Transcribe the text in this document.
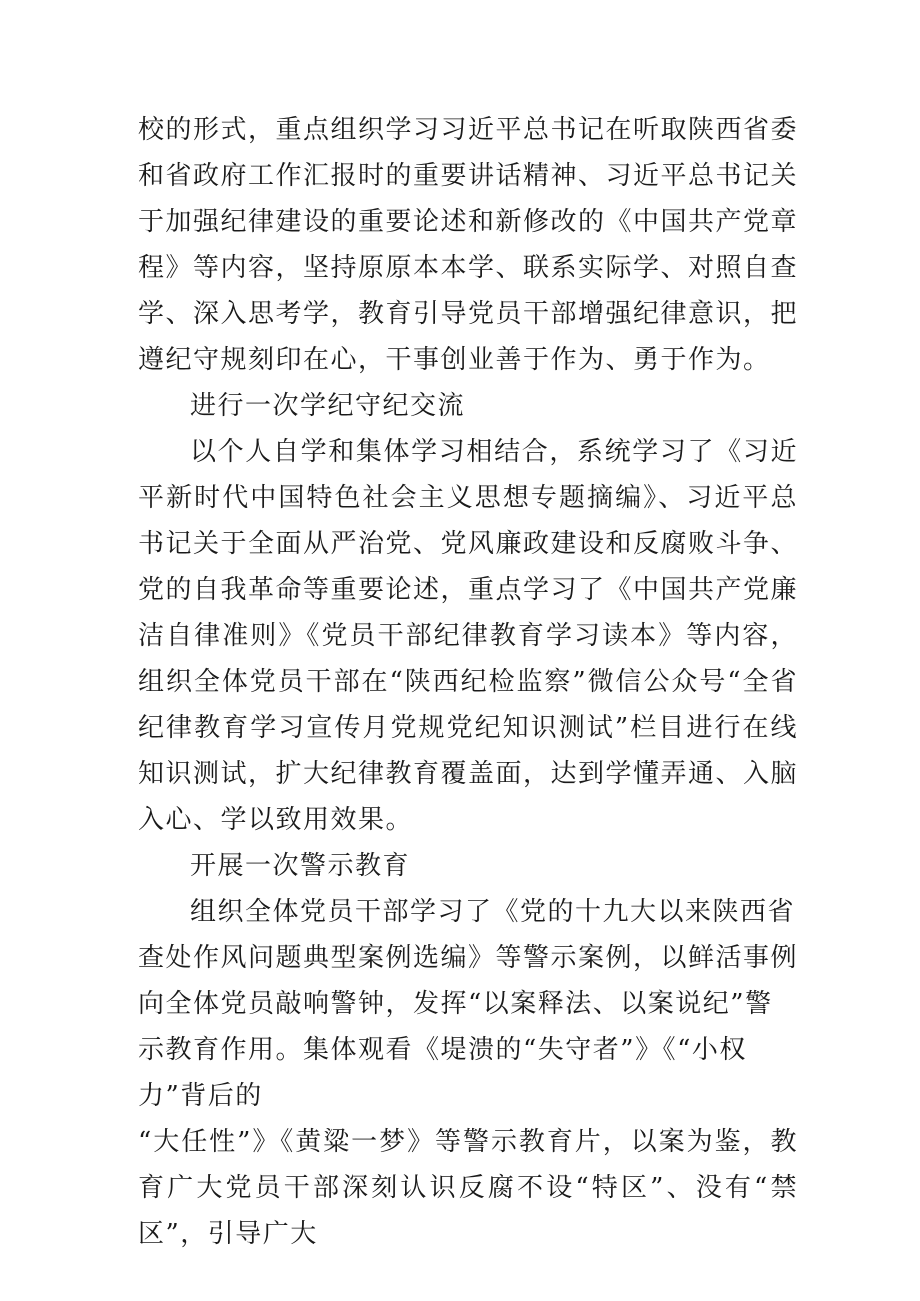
校的形式，重点组织学习习近平总书记在听取陕西省委和省政府工作汇报时的重要讲话精神、习近平总书记关于加强纪律建设的重要论述和新修改的《中国共产党章程》等内容，坚持原原本本学、联系实际学、对照自查学、深入思考学，教育引导党员干部增强纪律意识，把遵纪守规刻印在心，干事创业善于作为、勇于作为。

进行一次学纪守纪交流

以个人自学和集体学习相结合，系统学习了《习近平新时代中国特色社会主义思想专题摘编》、习近平总书记关于全面从严治党、党风廉政建设和反腐败斗争、党的自我革命等重要论述，重点学习了《中国共产党廉洁自律准则》《党员干部纪律教育学习读本》等内容，组织全体党员干部在“陕西纪检监察”微信公众号“全省纪律教育学习宣传月党规党纪知识测试”栏目进行在线知识测试，扩大纪律教育覆盖面，达到学懂弄通、入脑入心、学以致用效果。

开展一次警示教育

组织全体党员干部学习了《党的十九大以来陕西省查处作风问题典型案例选编》等警示案例，以鲜活事例向全体党员敲响警钟，发挥“以案释法、以案说纪”警示教育作用。集体观看《堤溃的“失守者”》《“小权力”背后的

“大任性”》《黄粱一梦》等警示教育片，以案为鉴，教育广大党员干部深刻认识反腐不设“特区”、没有“禁区”，引导广大
